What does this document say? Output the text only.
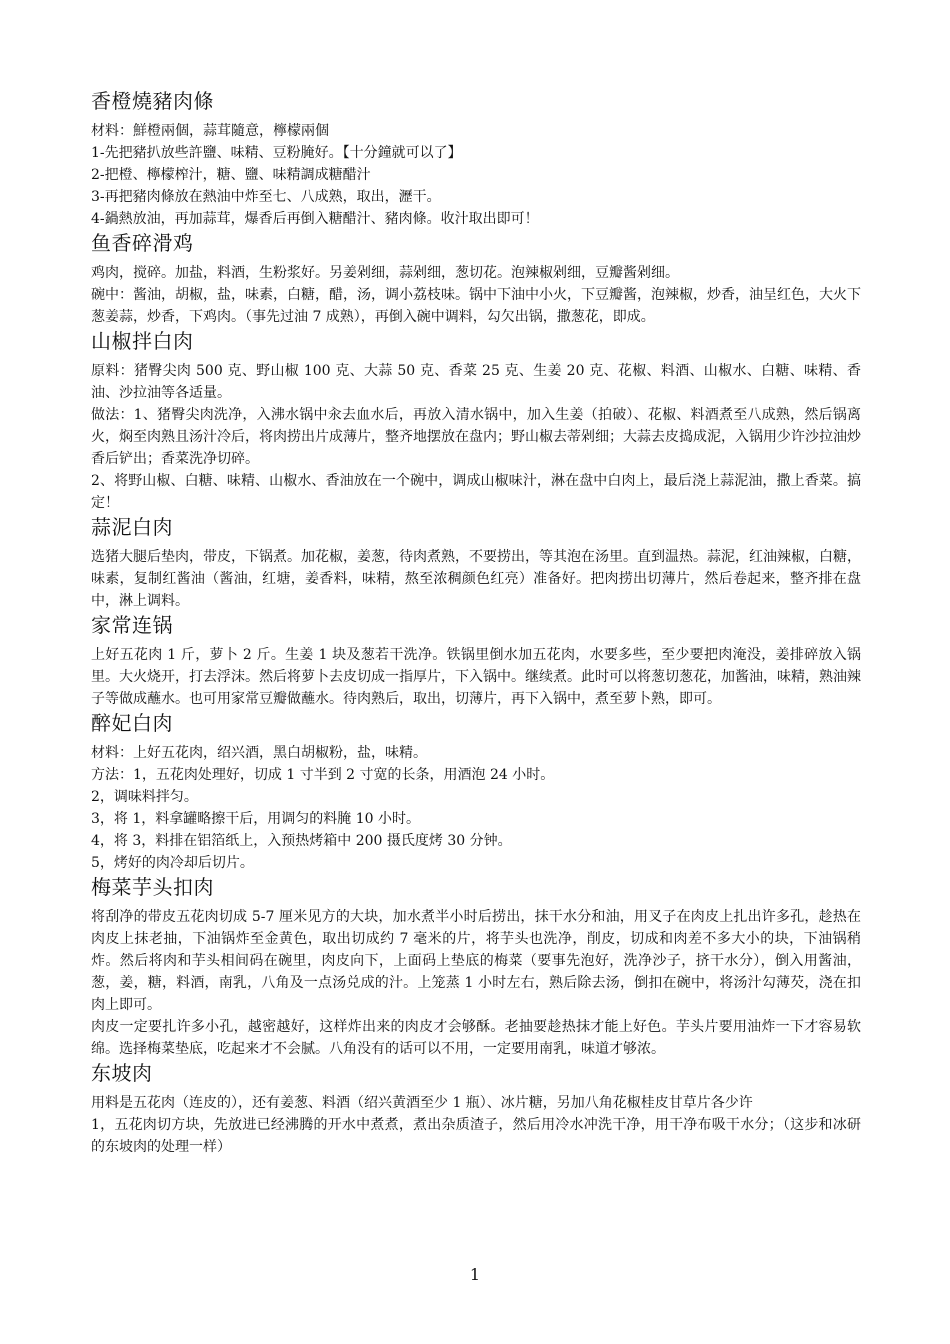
香橙燒豬肉條

材料：鮮橙兩個，蒜茸隨意，檸檬兩個

1-先把豬扒放些許鹽、味精、豆粉腌好。【十分鐘就可以了】

2-把橙、檸檬榨汁，糖、鹽、味精調成糖醋汁

3-再把豬肉條放在熱油中炸至七、八成熟，取出，瀝干。

4-鍋熱放油，再加蒜茸，爆香后再倒入糖醋汁、豬肉條。收汁取出即可！

鱼香碎滑鸡

鸡肉，搅碎。加盐，料酒，生粉浆好。另姜剁细，蒜剁细，葱切花。泡辣椒剁细，豆瓣酱剁细。

碗中：酱油，胡椒，盐，味素，白糖，醋，汤，调小荔枝味。锅中下油中小火，下豆瓣酱，泡辣椒，炒香，油呈红色，大火下葱姜蒜，炒香，下鸡肉。（事先过油 7 成熟），再倒入碗中调料，勾欠出锅，撒葱花，即成。

山椒拌白肉

原料：猪臀尖肉 500 克、野山椒 100 克、大蒜 50 克、香菜 25 克、生姜 20 克、花椒、料酒、山椒水、白糖、味精、香油、沙拉油等各适量。

做法：1、猪臀尖肉洗净，入沸水锅中汆去血水后，再放入清水锅中，加入生姜（拍破）、花椒、料酒煮至八成熟，然后锅离火，焖至肉熟且汤汁冷后，将肉捞出片成薄片，整齐地摆放在盘内；野山椒去蒂剁细；大蒜去皮捣成泥，入锅用少许沙拉油炒香后铲出；香菜洗净切碎。

2、将野山椒、白糖、味精、山椒水、香油放在一个碗中，调成山椒味汁，淋在盘中白肉上，最后浇上蒜泥油，撒上香菜。搞定！

蒜泥白肉

选猪大腿后垫肉，带皮，下锅煮。加花椒，姜葱，待肉煮熟，不要捞出，等其泡在汤里。直到温热。蒜泥，红油辣椒，白糖，味素，复制红酱油（酱油，红塘，姜香料，味精，熬至浓稠颜色红亮）准备好。把肉捞出切薄片，然后卷起来，整齐排在盘中，淋上调料。

家常连锅

上好五花肉 1 斤，萝卜 2 斤。生姜 1 块及葱若干洗净。铁锅里倒水加五花肉，水要多些，至少要把肉淹没，姜排碎放入锅里。大火烧开，打去浮沫。然后将萝卜去皮切成一指厚片，下入锅中。继续煮。此时可以将葱切葱花，加酱油，味精，熟油辣子等做成蘸水。也可用家常豆瓣做蘸水。待肉熟后，取出，切薄片，再下入锅中，煮至萝卜熟，即可。

醉妃白肉

材料：上好五花肉，绍兴酒，黑白胡椒粉，盐，味精。

方法：1，五花肉处理好，切成 1 寸半到 2 寸宽的长条，用酒泡 24 小时。

2，调味料拌匀。

3，将 1，料拿罐略擦干后，用调匀的料腌 10 小时。

4，将 3，料排在铝箔纸上，入预热烤箱中 200 摄氏度烤 30 分钟。

5，烤好的肉冷却后切片。

梅菜芋头扣肉

将刮净的带皮五花肉切成 5-7 厘米见方的大块，加水煮半小时后捞出，抹干水分和油，用叉子在肉皮上扎出许多孔，趁热在肉皮上抹老抽，下油锅炸至金黄色，取出切成约 7 毫米的片，将芋头也洗净，削皮，切成和肉差不多大小的块，下油锅稍炸。然后将肉和芋头相间码在碗里，肉皮向下，上面码上垫底的梅菜（要事先泡好，洗净沙子，挤干水分），倒入用酱油，葱，姜，糖，料酒，南乳，八角及一点汤兑成的汁。上笼蒸 1 小时左右，熟后除去汤，倒扣在碗中，将汤汁勾薄芡，浇在扣肉上即可。

肉皮一定要扎许多小孔，越密越好，这样炸出来的肉皮才会够酥。老抽要趁热抹才能上好色。芋头片要用油炸一下才容易软绵。选择梅菜垫底，吃起来才不会腻。八角没有的话可以不用，一定要用南乳，味道才够浓。

东坡肉

用料是五花肉（连皮的），还有姜葱、料酒（绍兴黄酒至少 1 瓶）、冰片糖，另加八角花椒桂皮甘草片各少许

1，五花肉切方块，先放进已经沸腾的开水中煮煮，煮出杂质渣子，然后用冷水冲洗干净，用干净布吸干水分；（这步和冰研的东坡肉的处理一样）

1
